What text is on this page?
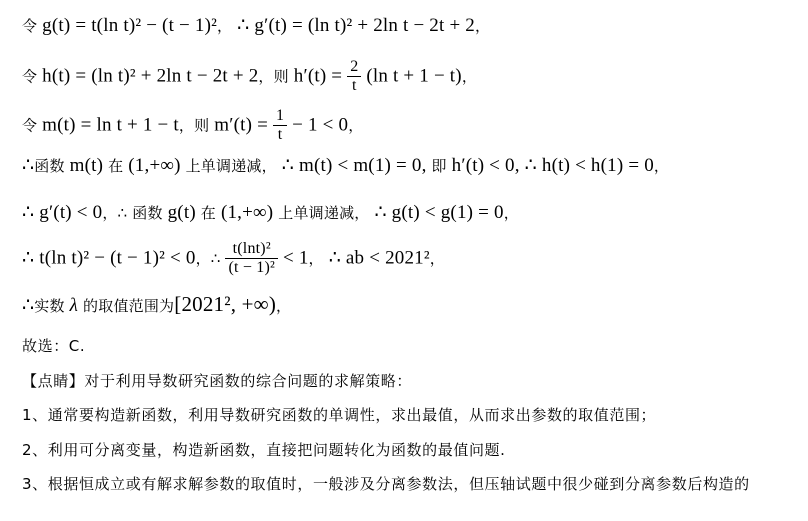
令 g(t) = t(ln t)² − (t − 1)²， ∴ g′(t) = (ln t)² + 2ln t − 2t + 2，
令 h(t) = (ln t)² + 2ln t − 2t + 2，则 $h'(t) = \frac{2}{t} (\ln$ t + 1 − t)，
令 m(t) = ln t + 1 − t，则 $m'(t) = \frac{1}{t} - 1 < 0$，
∴函数 m(t) 在 (1,+∞) 上单调递减， ∴ m(t) < m(1) = 0, 即 h′(t) < 0, ∴ h(t) < h(1) = 0，
∴ g′(t) < 0，∴ 函数 g(t) 在 (1,+∞) 上单调递减， ∴ g(t) < g(1) = 0，
∴ t(ln t)² − (t − 1)² < 0，∴ $\frac{\text{t(lnt)²}}{\text{(t − 1)²}} < 1$， ∴ ab < 2021²，
∴实数 λ 的取值范围为[2021², +∞)，
故选：C.
【点睛】对于利用导数研究函数的综合问题的求解策略：
1、通常要构造新函数，利用导数研究函数的单调性，求出最值，从而求出参数的取值范围；
2、利用可分离变量，构造新函数，直接把问题转化为函数的最值问题.
3、根据恒成立或有解求解参数的取值时，一般涉及分离参数法，但压轴试题中很少碰到分离参数后构造的
